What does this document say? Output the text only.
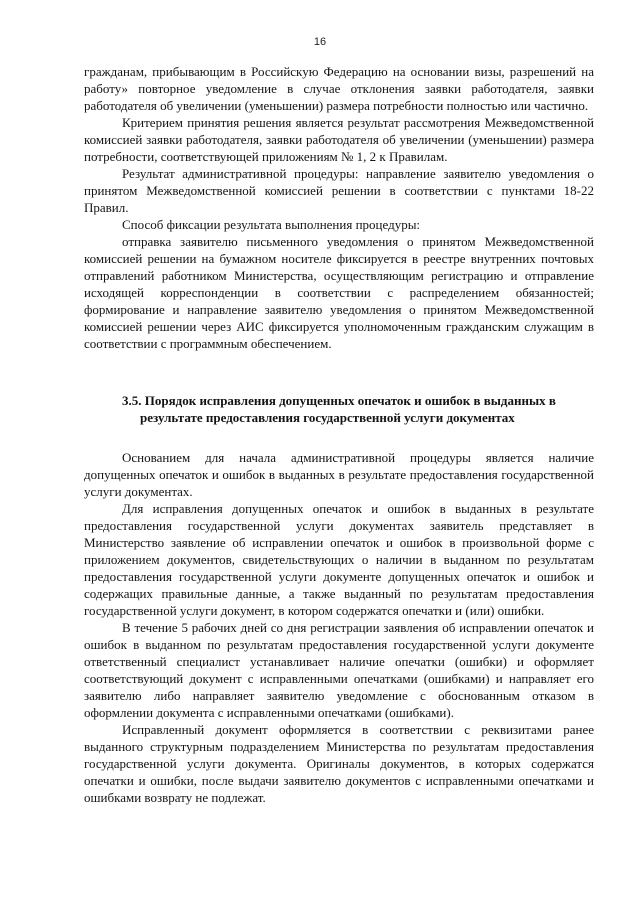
16

гражданам, прибывающим в Российскую Федерацию на основании визы, разрешений на работу» повторное уведомление в случае отклонения заявки работодателя, заявки работодателя об увеличении (уменьшении) размера потребности полностью или частично.

Критерием принятия решения является результат рассмотрения Межведомственной комиссией заявки работодателя, заявки работодателя об увеличении (уменьшении) размера потребности, соответствующей приложениям № 1, 2 к Правилам.

Результат административной процедуры: направление заявителю уведомления о принятом Межведомственной комиссией решении в соответствии с пунктами 18-22 Правил.

Способ фиксации результата выполнения процедуры:

отправка заявителю письменного уведомления о принятом Межведомственной комиссией решении на бумажном носителе фиксируется в реестре внутренних почтовых отправлений работником Министерства, осуществляющим регистрацию и отправление исходящей корреспонденции в соответствии с распределением обязанностей; формирование и направление заявителю уведомления о принятом Межведомственной комиссией решении через АИС фиксируется уполномоченным гражданским служащим в соответствии с программным обеспечением.

3.5. Порядок исправления допущенных опечаток и ошибок в выданных в
результате предоставления государственной услуги документах

Основанием для начала административной процедуры является наличие допущенных опечаток и ошибок в выданных в результате предоставления государственной услуги документах.

Для исправления допущенных опечаток и ошибок в выданных в результате предоставления государственной услуги документах заявитель представляет в Министерство заявление об исправлении опечаток и ошибок в произвольной форме с приложением документов, свидетельствующих о наличии в выданном по результатам предоставления государственной услуги документе допущенных опечаток и ошибок и содержащих правильные данные, а также выданный по результатам предоставления государственной услуги документ, в котором содержатся опечатки и (или) ошибки.

В течение 5 рабочих дней со дня регистрации заявления об исправлении опечаток и ошибок в выданном по результатам предоставления государственной услуги документе ответственный специалист устанавливает наличие опечатки (ошибки) и оформляет соответствующий документ с исправленными опечатками (ошибками) и направляет его заявителю либо направляет заявителю уведомление с обоснованным отказом в оформлении документа с исправленными опечатками (ошибками).

Исправленный документ оформляется в соответствии с реквизитами ранее выданного структурным подразделением Министерства по результатам предоставления государственной услуги документа. Оригиналы документов, в которых содержатся опечатки и ошибки, после выдачи заявителю документов с исправленными опечатками и ошибками возврату не подлежат.
